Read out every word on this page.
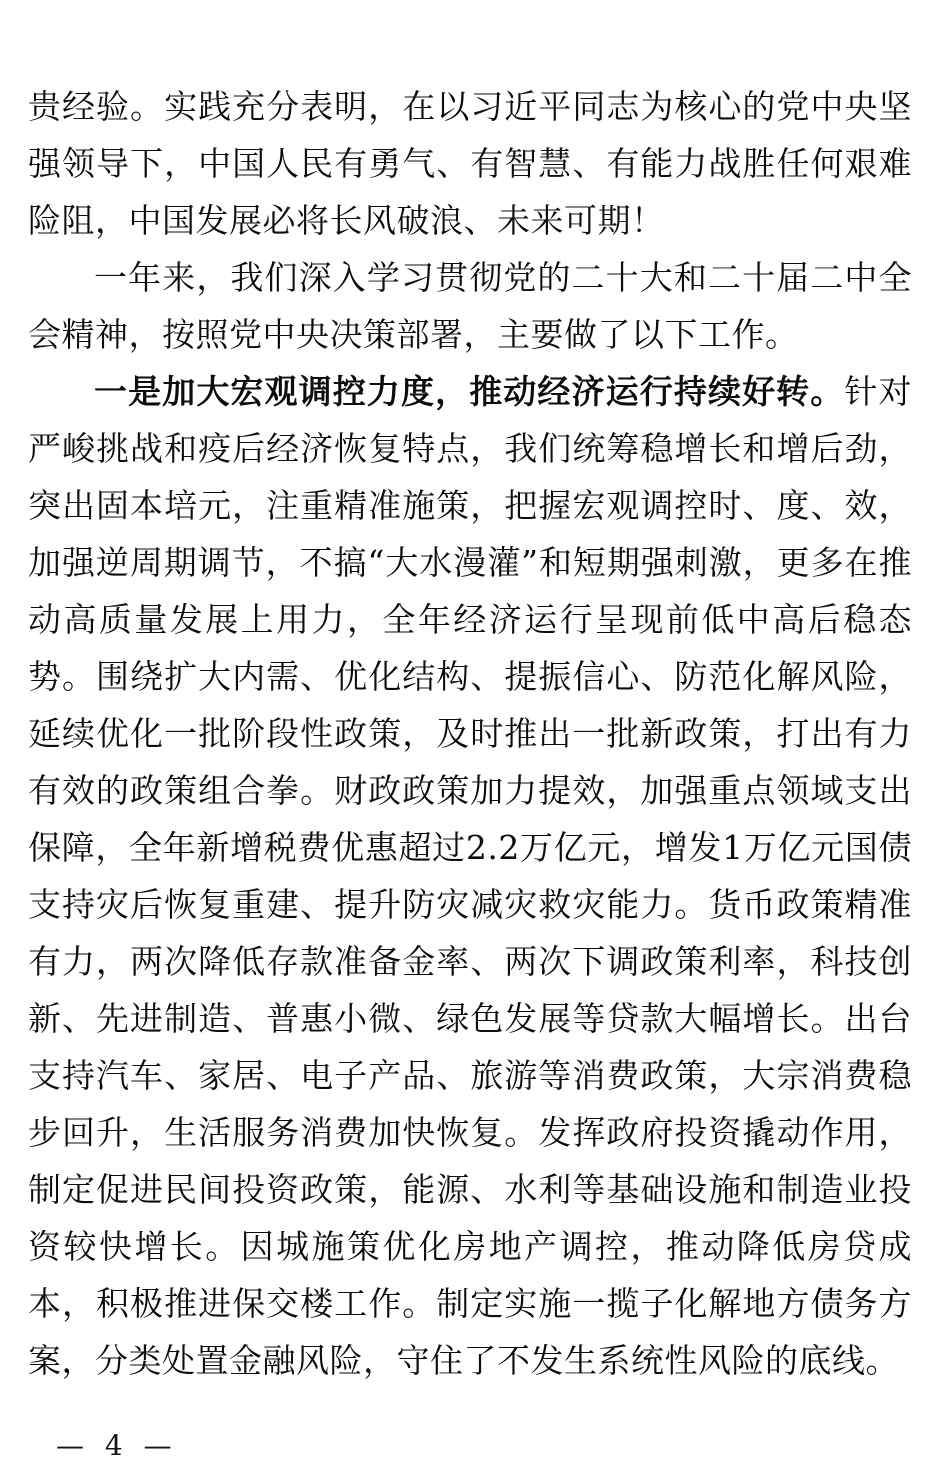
贵经验。实践充分表明，在以习近平同志为核心的党中央坚强领导下，中国人民有勇气、有智慧、有能力战胜任何艰难险阻，中国发展必将长风破浪、未来可期！

一年来，我们深入学习贯彻党的二十大和二十届二中全会精神，按照党中央决策部署，主要做了以下工作。

一是加大宏观调控力度，推动经济运行持续好转。针对严峻挑战和疫后经济恢复特点，我们统筹稳增长和增后劲，突出固本培元，注重精准施策，把握宏观调控时、度、效，加强逆周期调节，不搞“大水漫灌”和短期强刺激，更多在推动高质量发展上用力，全年经济运行呈现前低中高后稳态势。围绕扩大内需、优化结构、提振信心、防范化解风险，延续优化一批阶段性政策，及时推出一批新政策，打出有力有效的政策组合拳。财政政策加力提效，加强重点领域支出保障，全年新增税费优惠超过2.2万亿元，增发1万亿元国债支持灾后恢复重建、提升防灾减灾救灾能力。货币政策精准有力，两次降低存款准备金率、两次下调政策利率，科技创新、先进制造、普惠小微、绿色发展等贷款大幅增长。出台支持汽车、家居、电子产品、旅游等消费政策，大宗消费稳步回升，生活服务消费加快恢复。发挥政府投资撬动作用，制定促进民间投资政策，能源、水利等基础设施和制造业投资较快增长。因城施策优化房地产调控，推动降低房贷成本，积极推进保交楼工作。制定实施一揽子化解地方债务方案，分类处置金融风险，守住了不发生系统性风险的底线。

— 4 —
